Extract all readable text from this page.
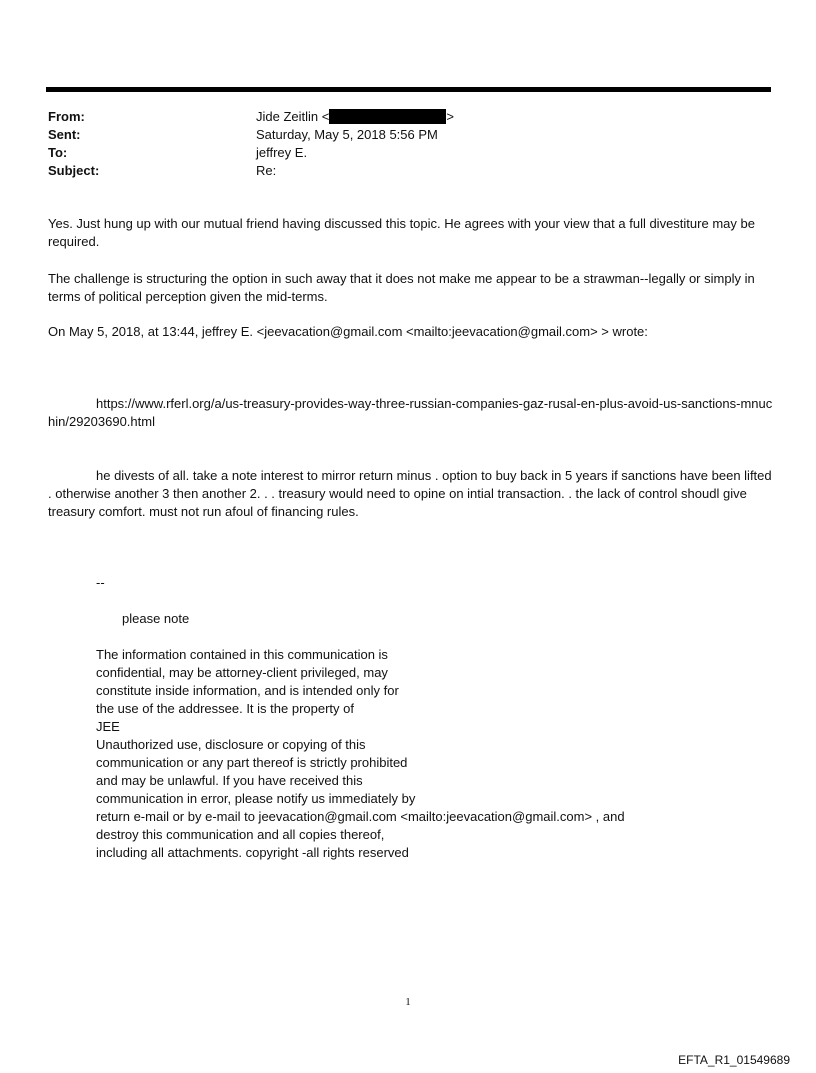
From:	Jide Zeitlin <	>
Sent:	Saturday, May 5, 2018 5:56 PM
To:	jeffrey E.
Subject:	Re:

Yes. Just hung up with our mutual friend having discussed this topic. He agrees with your view that a full divestiture may be required.

The challenge is structuring the option in such away that it does not make me appear to be a strawman--legally or simply in terms of political perception given the mid-terms.

On May 5, 2018, at 13:44, jeffrey E. <jeevacation@gmail.com <mailto:jeevacation@gmail.com> > wrote:

https://www.rferl.org/a/us-treasury-provides-way-three-russian-companies-gaz-rusal-en-plus-avoid-us-sanctions-mnuchin/29203690.html

he divests of all. take a note interest to mirror return minus . option to buy back in 5 years if sanctions have been lifted . otherwise another 3 then another 2. . . treasury would need to opine on intial transaction. . the lack of control shoudl give treasury comfort. must not run afoul of financing rules.

--
please note
The information contained in this communication is
confidential, may be attorney-client privileged, may
constitute inside information, and is intended only for
the use of the addressee. It is the property of
JEE
Unauthorized use, disclosure or copying of this
communication or any part thereof is strictly prohibited
and may be unlawful. If you have received this
communication in error, please notify us immediately by
return e-mail or by e-mail to jeevacation@gmail.com <mailto:jeevacation@gmail.com> , and
destroy this communication and all copies thereof,
including all attachments. copyright -all rights reserved
1
EFTA_R1_01549689
